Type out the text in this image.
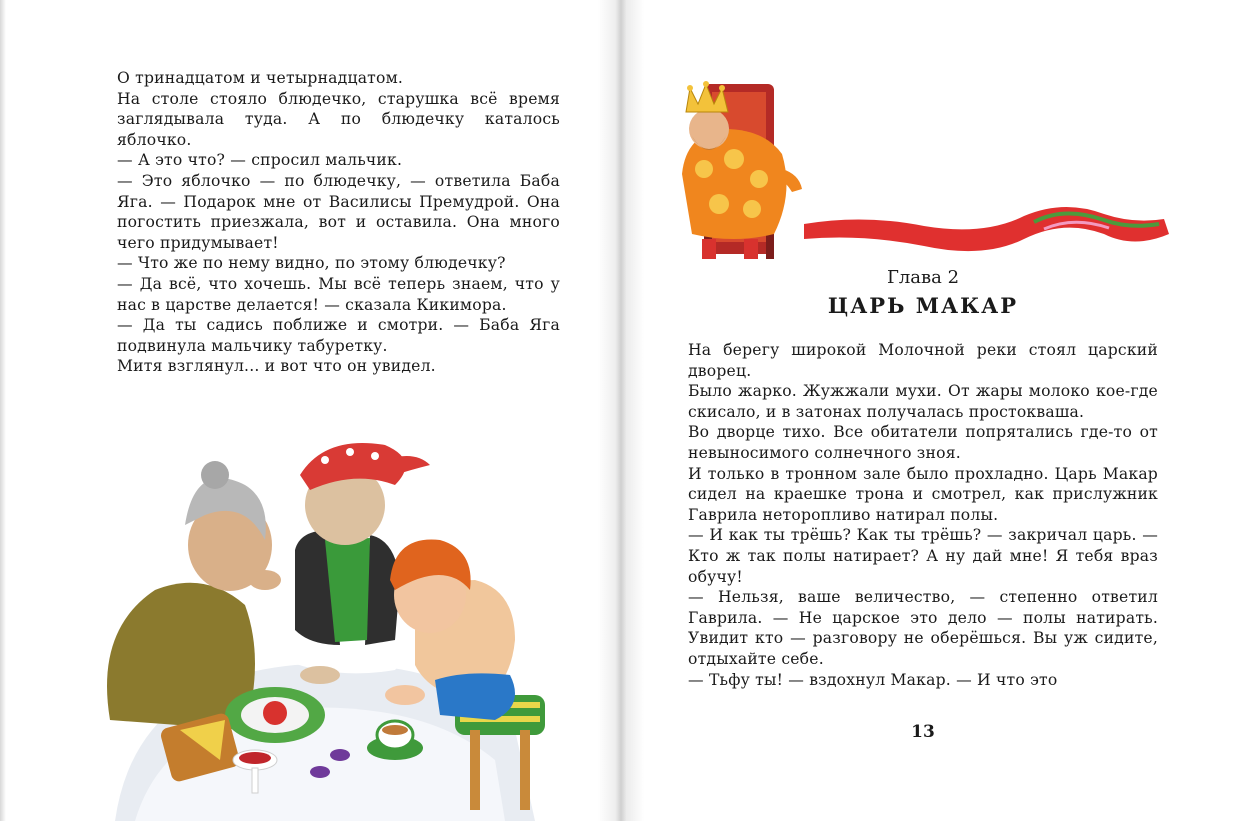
О тринадцатом и четырнадцатом.

На столе стояло блюдечко, старушка всё время заглядывала туда. А по блюдечку каталось яблочко.

— А это что? — спросил мальчик.

— Это яблочко — по блюдечку, — ответила Баба Яга. — Подарок мне от Василисы Премудрой. Она погостить приезжала, вот и оставила. Она много чего придумывает!

— Что же по нему видно, по этому блюдечку?

— Да всё, что хочешь. Мы всё теперь знаем, что у нас в царстве делается! — сказала Кикимора.

— Да ты садись поближе и смотри. — Баба Яга подвинула мальчику табуретку.

Митя взглянул... и вот что он увидел.

Глава 2
ЦАРЬ МАКАР

На берегу широкой Молочной реки стоял царский дворец.

Было жарко. Жужжали мухи. От жары молоко кое-где скисало, и в затонах получалась простокваша.

Во дворце тихо. Все обитатели попрятались где-то от невыносимого солнечного зноя.

И только в тронном зале было прохладно. Царь Макар сидел на краешке трона и смотрел, как прислужник Гаврила неторопливо натирал полы.

— И как ты трёшь? Как ты трёшь? — закричал царь. — Кто ж так полы натирает? А ну дай мне! Я тебя враз обучу!

— Нельзя, ваше величество, — степенно ответил Гаврила. — Не царское это дело — полы натирать. Увидит кто — разговору не оберёшься. Вы уж сидите, отдыхайте себе.

— Тьфу ты! — вздохнул Макар. — И что это

13
